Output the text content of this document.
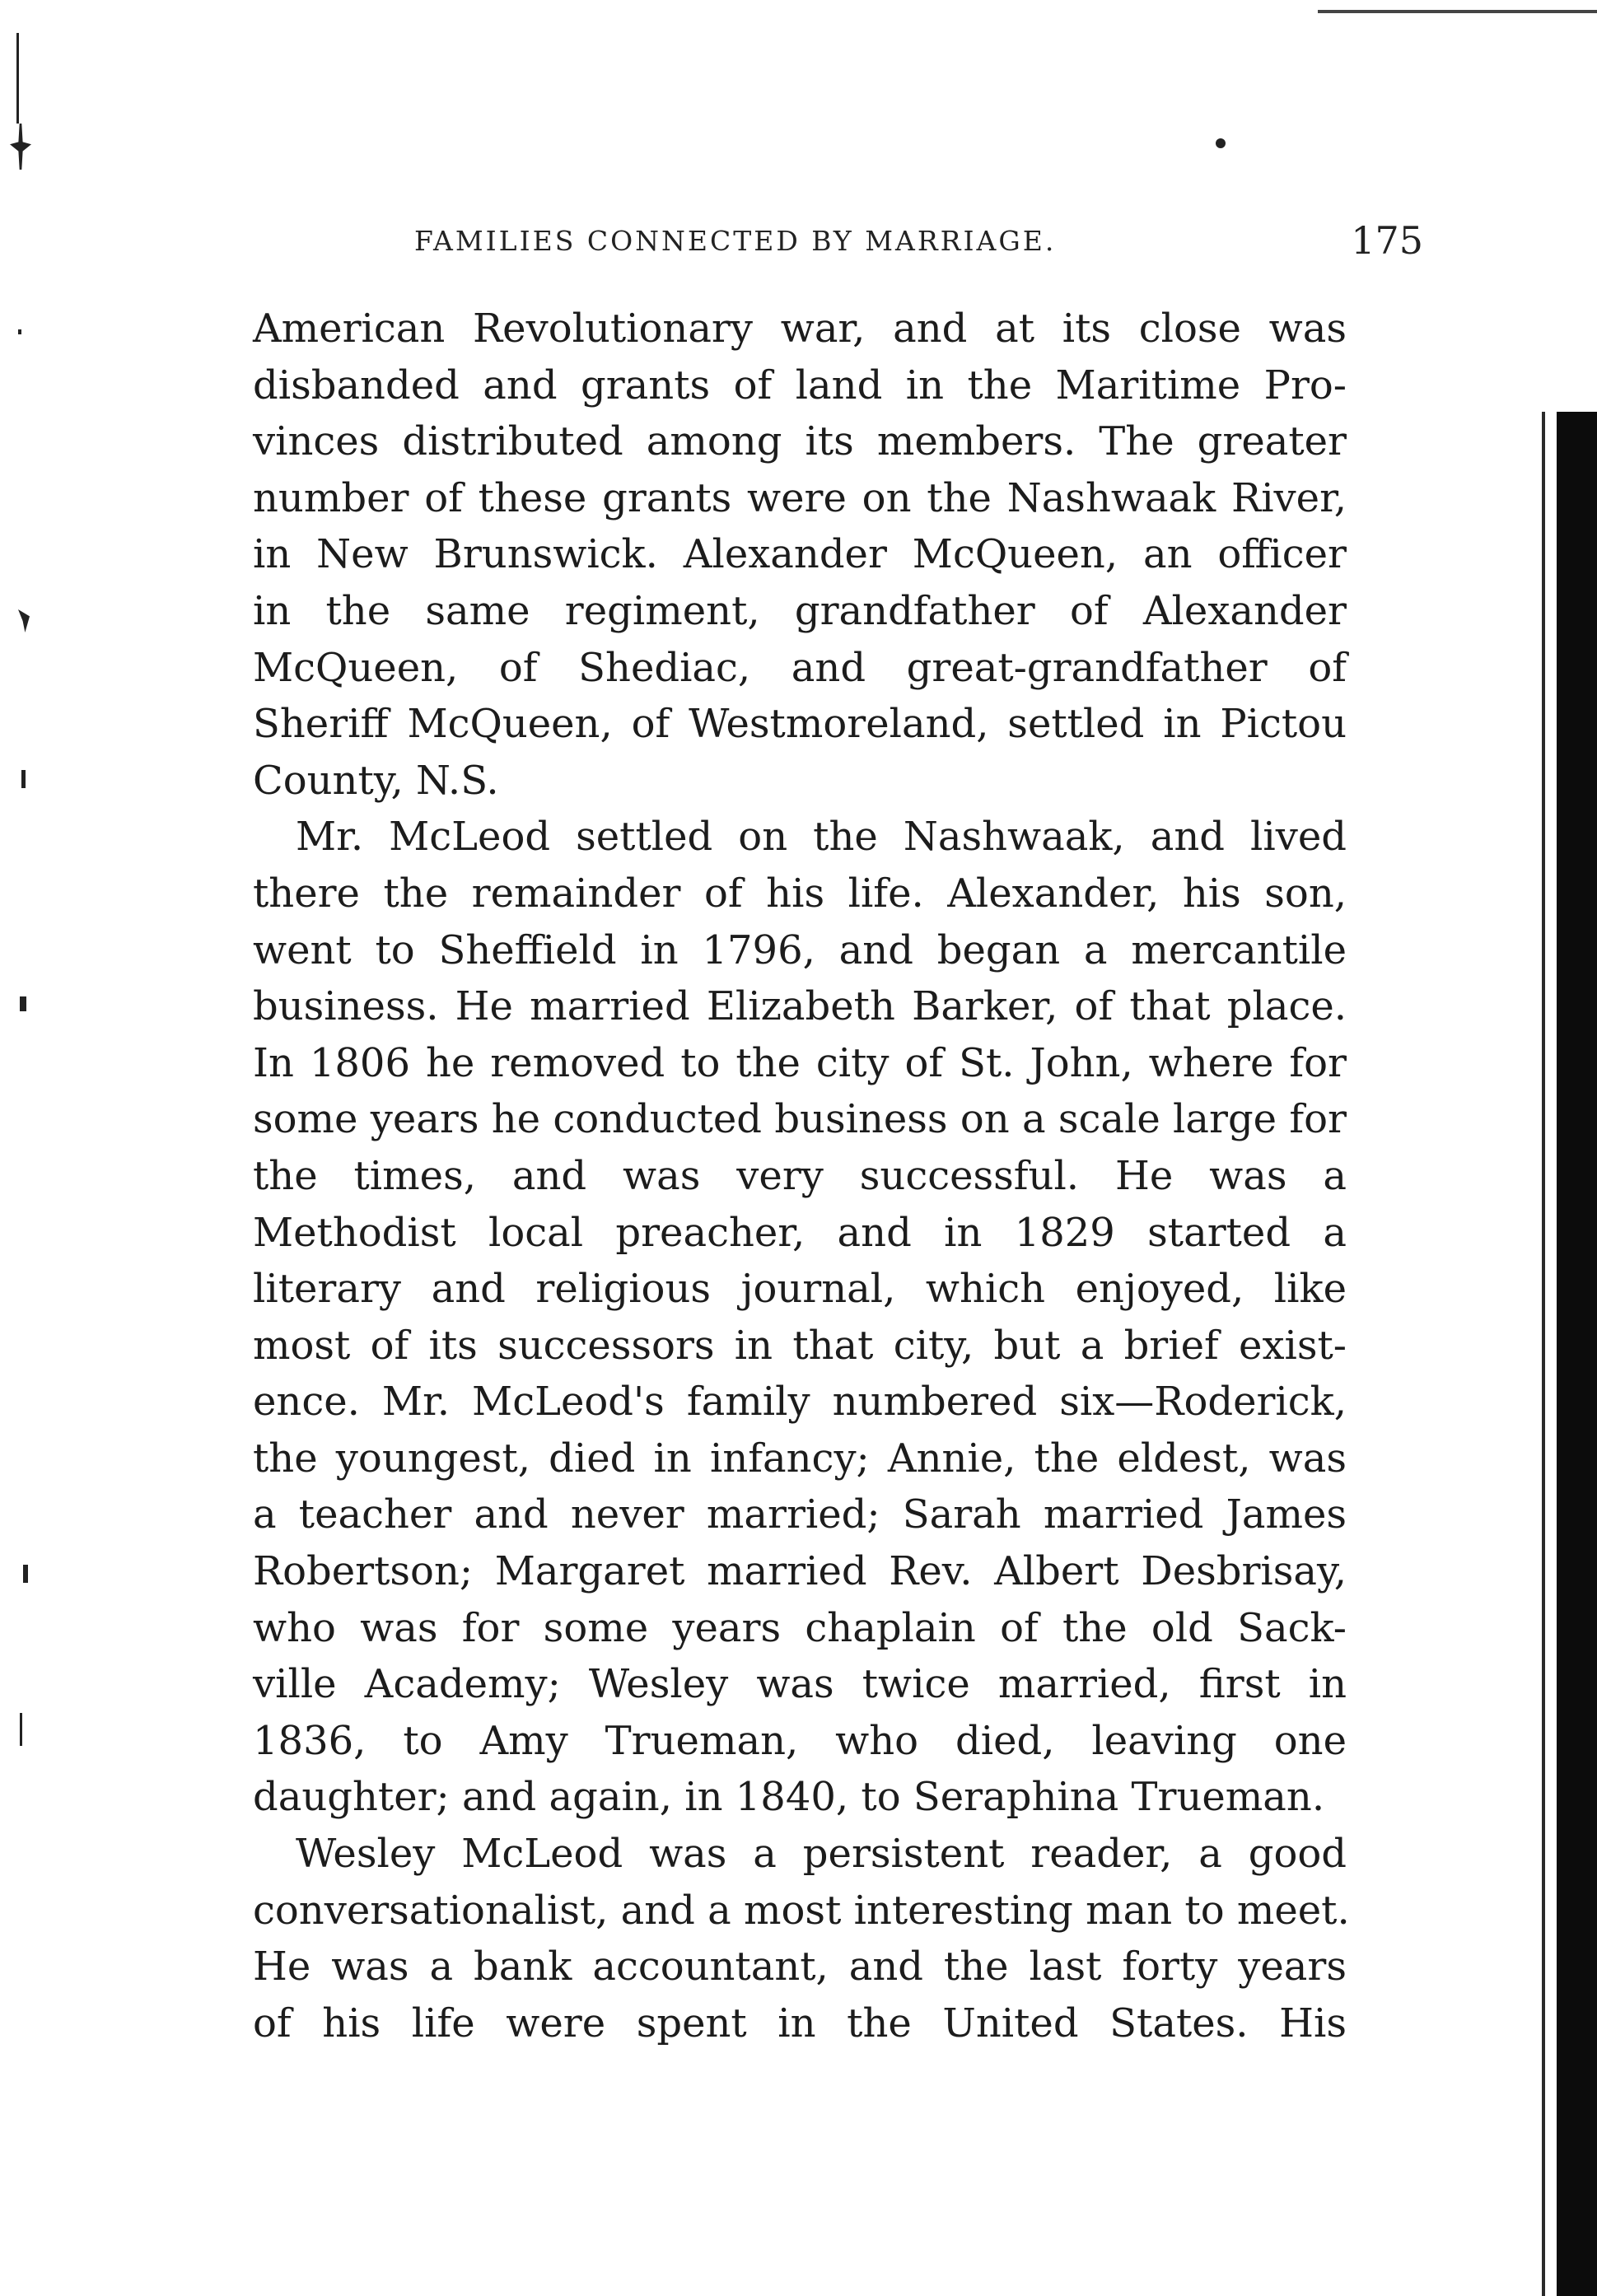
FAMILIES CONNECTED BY MARRIAGE.	175
American Revolutionary war, and at its close was
disbanded and grants of land in the Maritime Pro-
vinces distributed among its members. The greater
number of these grants were on the Nashwaak River,
in New Brunswick. Alexander McQueen, an officer
in the same regiment, grandfather of Alexander
McQueen, of Shediac, and great-grandfather of
Sheriff McQueen, of Westmoreland, settled in Pictou
County, N.S.
Mr. McLeod settled on the Nashwaak, and lived
there the remainder of his life. Alexander, his son,
went to Sheffield in 1796, and began a mercantile
business. He married Elizabeth Barker, of that place.
In 1806 he removed to the city of St. John, where for
some years he conducted business on a scale large for
the times, and was very successful. He was a
Methodist local preacher, and in 1829 started a
literary and religious journal, which enjoyed, like
most of its successors in that city, but a brief exist-
ence. Mr. McLeod's family numbered six—Roderick,
the youngest, died in infancy; Annie, the eldest, was
a teacher and never married; Sarah married James
Robertson; Margaret married Rev. Albert Desbrisay,
who was for some years chaplain of the old Sack-
ville Academy; Wesley was twice married, first in
1836, to Amy Trueman, who died, leaving one
daughter; and again, in 1840, to Seraphina Trueman.
Wesley McLeod was a persistent reader, a good
conversationalist, and a most interesting man to meet.
He was a bank accountant, and the last forty years
of his life were spent in the United States. His
